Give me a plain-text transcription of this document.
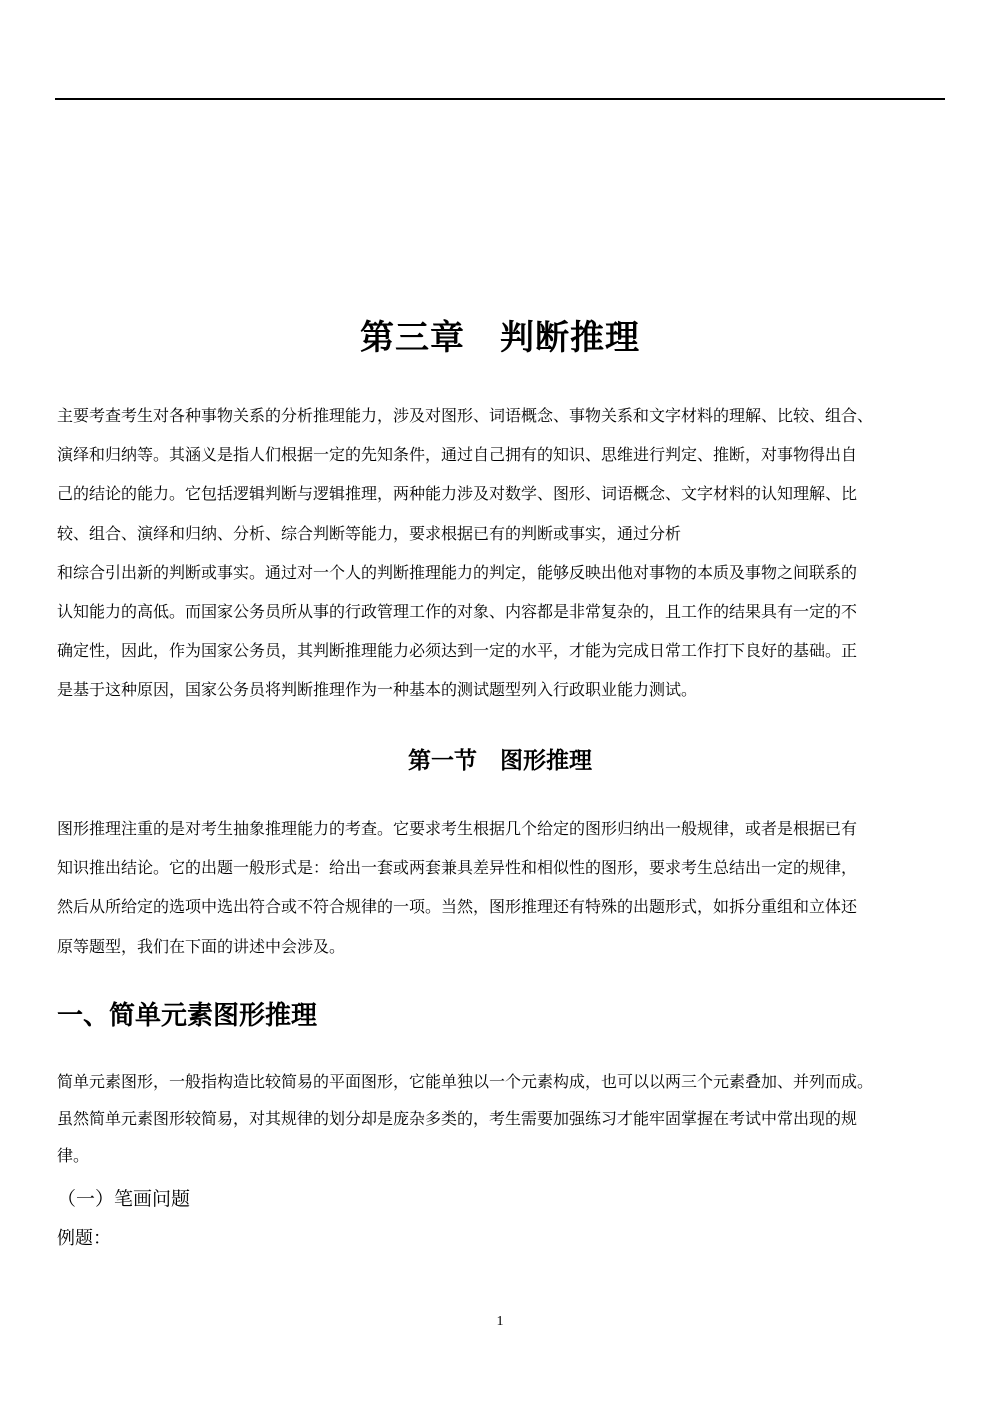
第三章　判断推理

主要考查考生对各种事物关系的分析推理能力，涉及对图形、词语概念、事物关系和文字材料的理解、比较、组合、
演绎和归纳等。其涵义是指人们根据一定的先知条件，通过自己拥有的知识、思维进行判定、推断，对事物得出自
己的结论的能力。它包括逻辑判断与逻辑推理，两种能力涉及对数学、图形、词语概念、文字材料的认知理解、比
较、组合、演绎和归纳、分析、综合判断等能力，要求根据已有的判断或事实，通过分析
和综合引出新的判断或事实。通过对一个人的判断推理能力的判定，能够反映出他对事物的本质及事物之间联系的
认知能力的高低。而国家公务员所从事的行政管理工作的对象、内容都是非常复杂的，且工作的结果具有一定的不
确定性，因此，作为国家公务员，其判断推理能力必须达到一定的水平，才能为完成日常工作打下良好的基础。正
是基于这种原因，国家公务员将判断推理作为一种基本的测试题型列入行政职业能力测试。

第一节　图形推理

图形推理注重的是对考生抽象推理能力的考查。它要求考生根据几个给定的图形归纳出一般规律，或者是根据已有
知识推出结论。它的出题一般形式是：给出一套或两套兼具差异性和相似性的图形，要求考生总结出一定的规律，
然后从所给定的选项中选出符合或不符合规律的一项。当然，图形推理还有特殊的出题形式，如拆分重组和立体还
原等题型，我们在下面的讲述中会涉及。

一、简单元素图形推理

简单元素图形，一般指构造比较简易的平面图形，它能单独以一个元素构成，也可以以两三个元素叠加、并列而成。
虽然简单元素图形较简易，对其规律的划分却是庞杂多类的，考生需要加强练习才能牢固掌握在考试中常出现的规
律。

（一）笔画问题
例题：
1
